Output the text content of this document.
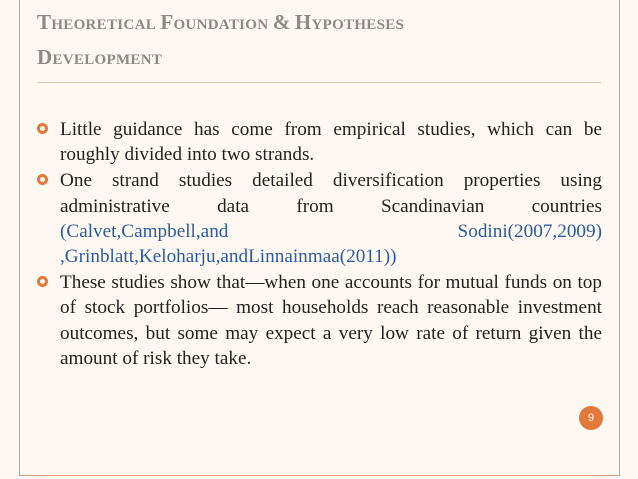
THEORETICAL FOUNDATION & HYPOTHESES
DEVELOPMENT
Little guidance has come from empirical studies, which can be roughly divided into two strands.
One strand studies detailed diversification properties using administrative data from Scandinavian countries (Calvet,Campbell,and Sodini(2007,2009) ,Grinblatt,Keloharju,andLinnainmaa(2011))
These studies show that—when one accounts for mutual funds on top of stock portfolios— most households reach reasonable investment outcomes, but some may expect a very low rate of return given the amount of risk they take.
9
